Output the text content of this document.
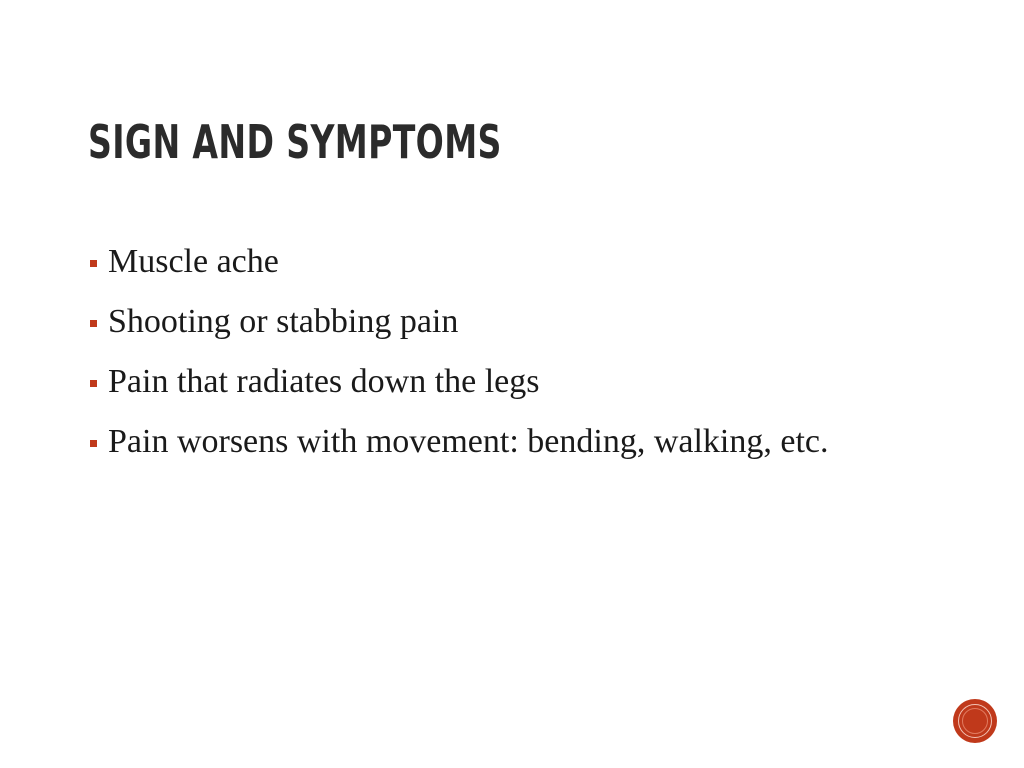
SIGN AND SYMPTOMS
Muscle ache
Shooting or stabbing pain
Pain that radiates down the legs
Pain worsens with movement: bending, walking, etc.
